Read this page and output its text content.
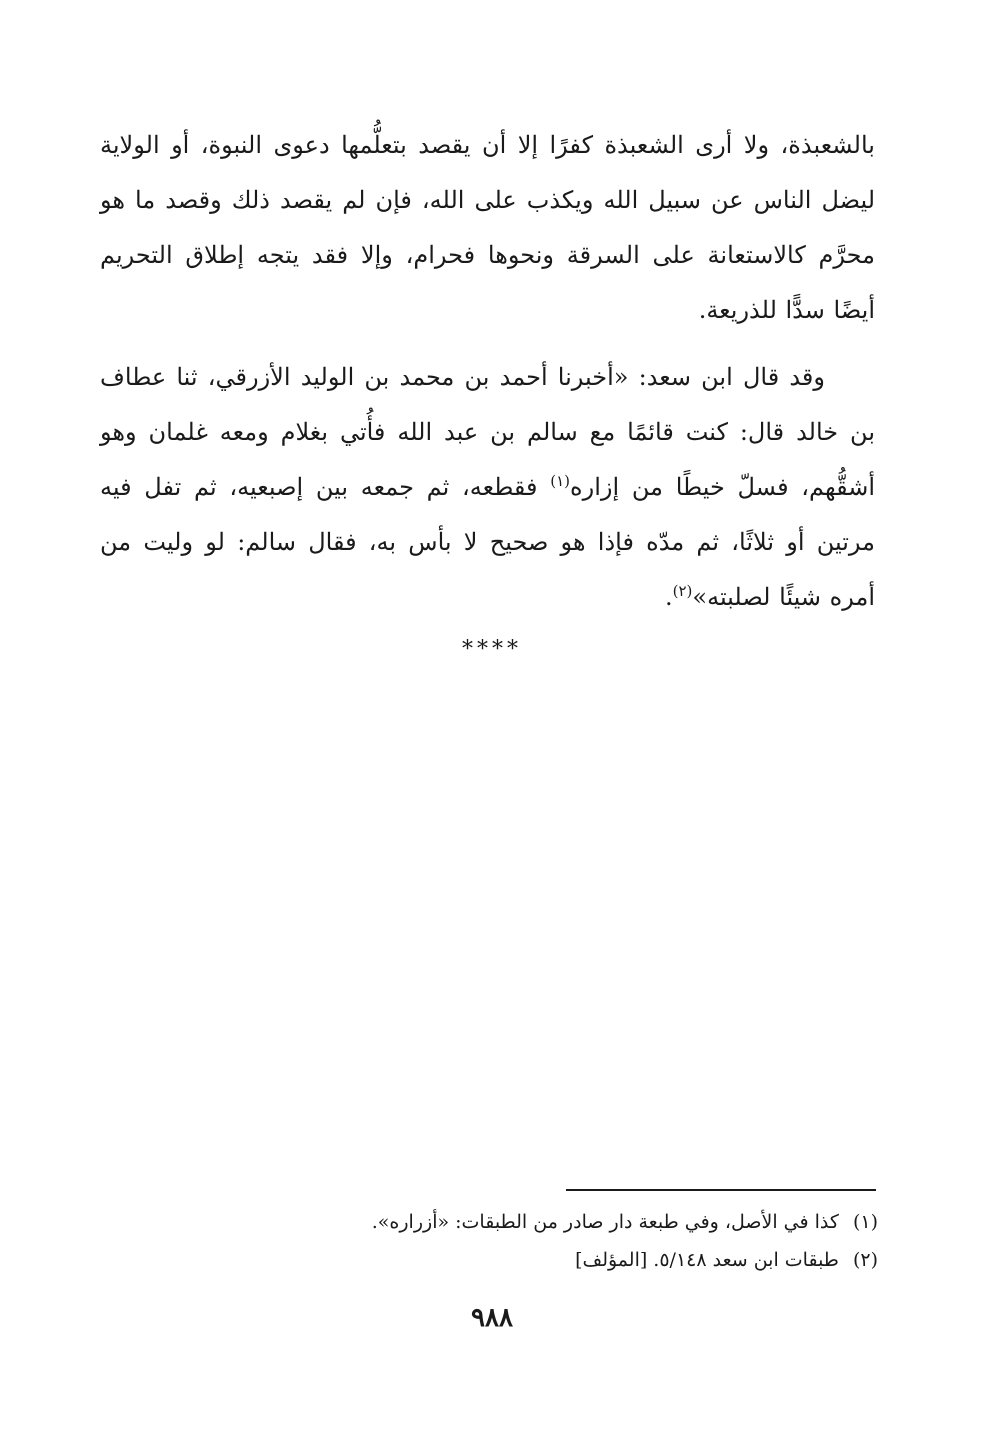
بالشعبذة، ولا أرى الشعبذة كفرًا إلا أن يقصد بتعلُّمها دعوى النبوة، أو الولاية ليضل الناس عن سبيل الله ويكذب على الله، فإن لم يقصد ذلك وقصد ما هو محرَّم كالاستعانة على السرقة ونحوها فحرام، وإلا فقد يتجه إطلاق التحريم أيضًا سدًّا للذريعة.

وقد قال ابن سعد: «أخبرنا أحمد بن محمد بن الوليد الأزرقي، ثنا عطاف بن خالد قال: كنت قائمًا مع سالم بن عبد الله فأُتي بغلام ومعه غلمان وهو أشقُّهم، فسلّ خيطًا من إزاره$^{(١)}$ فقطعه، ثم جمعه بين إصبعيه، ثم تفل فيه مرتين أو ثلاثًا، ثم مدّه فإذا هو صحيح لا بأس به، فقال سالم: لو وليت من أمره شيئًا لصلبته»$^{(٢)}$.

****
(١)كذا في الأصل، وفي طبعة دار صادر من الطبقات: «أزراره».
(٢)طبقات ابن سعد ٥/١٤٨. [المؤلف]
٩٨٨
